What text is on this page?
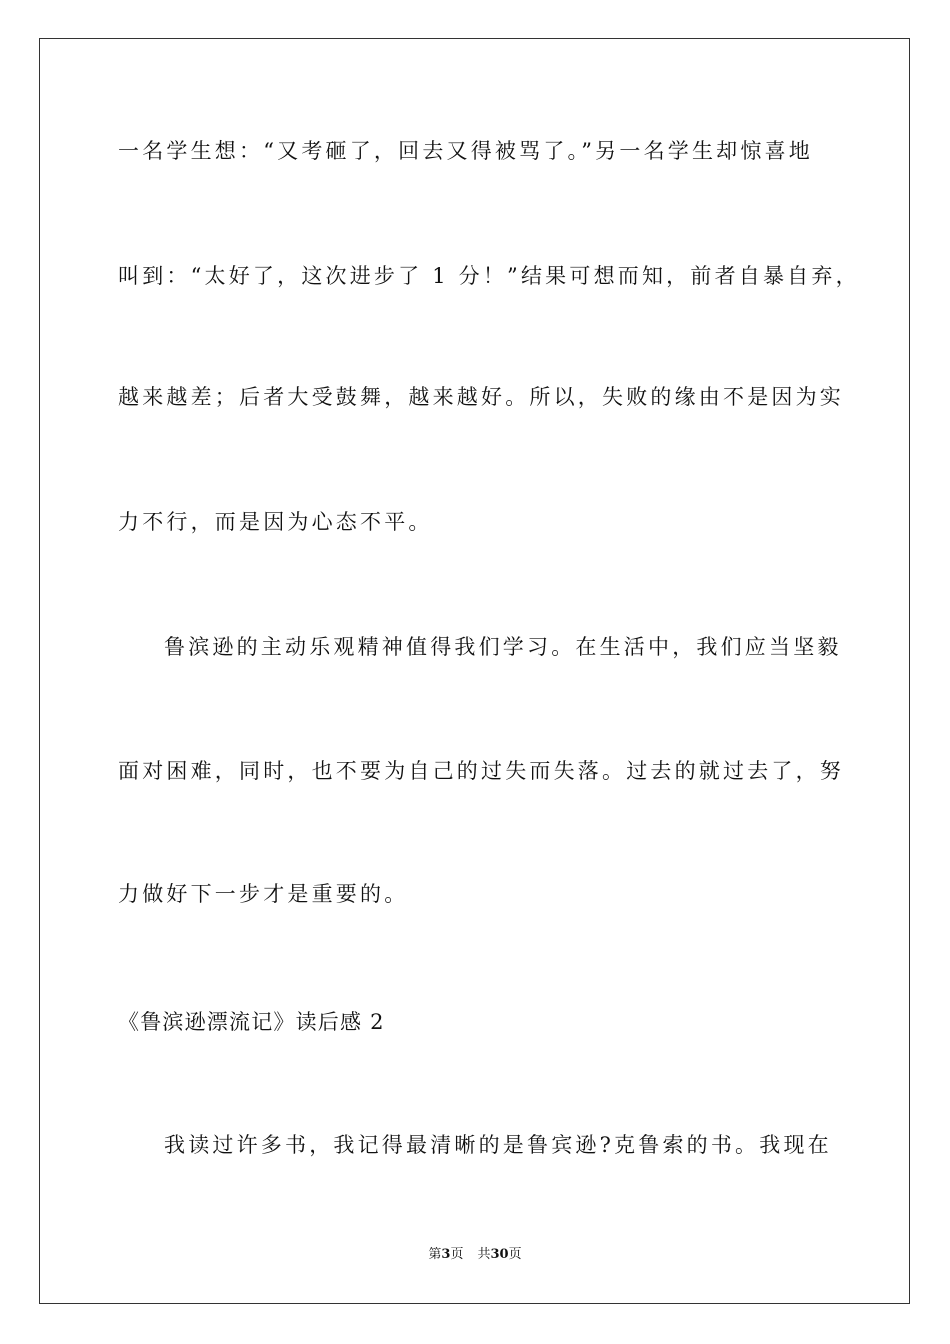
一名学生想：“又考砸了，回去又得被骂了。”另一名学生却惊喜地
叫到：“太好了，这次进步了 1 分！”结果可想而知，前者自暴自弃，
越来越差；后者大受鼓舞，越来越好。所以，失败的缘由不是因为实
力不行，而是因为心态不平。
鲁滨逊的主动乐观精神值得我们学习。在生活中，我们应当坚毅
面对困难，同时，也不要为自己的过失而失落。过去的就过去了，努
力做好下一步才是重要的。
《鲁滨逊漂流记》读后感 2
我读过许多书，我记得最清晰的是鲁宾逊?克鲁索的书。我现在
第3页 共30页
